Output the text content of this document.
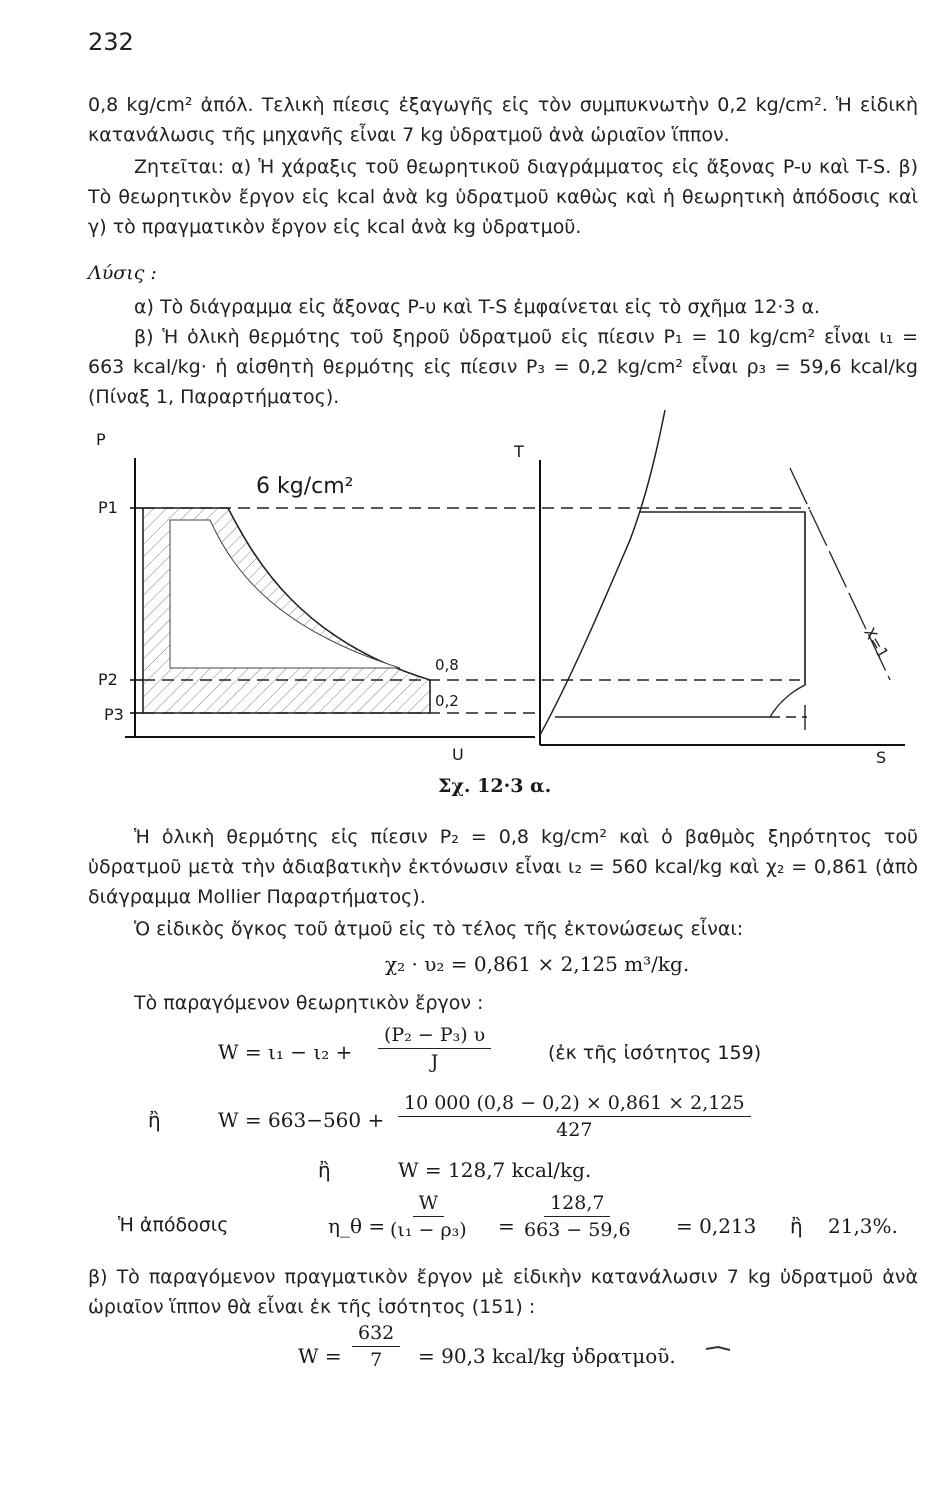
232

0,8 kg/cm² ἀπόλ. Τελικὴ πίεσις ἐξαγωγῆς εἰς τὸν συμπυκνωτὴν 0,2 kg/cm². Ἡ εἰδικὴ κατανάλωσις τῆς μηχανῆς εἶναι 7 kg ὑδρατμοῦ ἀνὰ ὡριαῖον ἵππον.

Ζητεῖται: α) Ἡ χάραξις τοῦ θεωρητικοῦ διαγράμματος εἰς ἄξονας P-υ καὶ T-S. β) Τὸ θεωρητικὸν ἔργον εἰς kcal ἀνὰ kg ὑδρατμοῦ καθὼς καὶ ἡ θεωρητικὴ ἀπόδοσις καὶ γ) τὸ πραγματικὸν ἔργον εἰς kcal ἀνὰ kg ὑδρατμοῦ.

Λύσις :

α) Τὸ διάγραμμα εἰς ἄξονας P-υ καὶ T-S ἐμφαίνεται εἰς τὸ σχῆμα 12·3 α.

β) Ἡ ὁλικὴ θερμότης τοῦ ξηροῦ ὑδρατμοῦ εἰς πίεσιν P₁ = 10 kg/cm² εἶναι ι₁ = 663 kcal/kg· ἡ αἰσθητὴ θερμότης εἰς πίεσιν P₃ = 0,2 kg/cm² εἶναι ρ₃ = 59,6 kcal/kg (Πίναξ 1, Παραρτήματος).

P
P1
P2
P3
6 kg/cm²
0,8
0,2
U
T
S
X=1
Σχ. 12·3 α.

Ἡ ὁλικὴ θερμότης εἰς πίεσιν P₂ = 0,8 kg/cm² καὶ ὁ βαθμὸς ξηρότητος τοῦ ὑδρατμοῦ μετὰ τὴν ἀδιαβατικὴν ἐκτόνωσιν εἶναι ι₂ = 560 kcal/kg καὶ χ₂ = 0,861 (ἀπὸ διάγραμμα Mollier Παραρτήματος).

Ὁ εἰδικὸς ὄγκος τοῦ ἀτμοῦ εἰς τὸ τέλος τῆς ἐκτονώσεως εἶναι:

χ₂ · υ₂ = 0,861 × 2,125 m³/kg.

Τὸ παραγόμενον θεωρητικὸν ἔργον :

$W = \iota_1 - \iota_2 + \frac{\text{(P₂ − P₃) υ}}{J}$	(ἐκ τῆς ἰσότητος 159)
ἢ	$W = 663-560 + \frac{10 000 (0,8 - 0,2) \times 0,861 \times 2,125}{427}$
ἢ	W = 128,7 kcal/kg.
Ἡ ἀπόδοσις	η_θ = $\frac{W}{\text{(ι₁ − ρ₃)}} = \frac{128,7}{663 - 59,6} = 0,213$ ἢ 21,3%.

β) Τὸ παραγόμενον πραγματικὸν ἔργον μὲ εἰδικὴν κατανάλωσιν 7 kg ὑδρατμοῦ ἀνὰ ὡριαῖον ἵππον θὰ εἶναι ἐκ τῆς ἰσότητος (151) :

$W = \frac{632}{7} = 90,3$ kcal/kg ὑδρατμοῦ.
